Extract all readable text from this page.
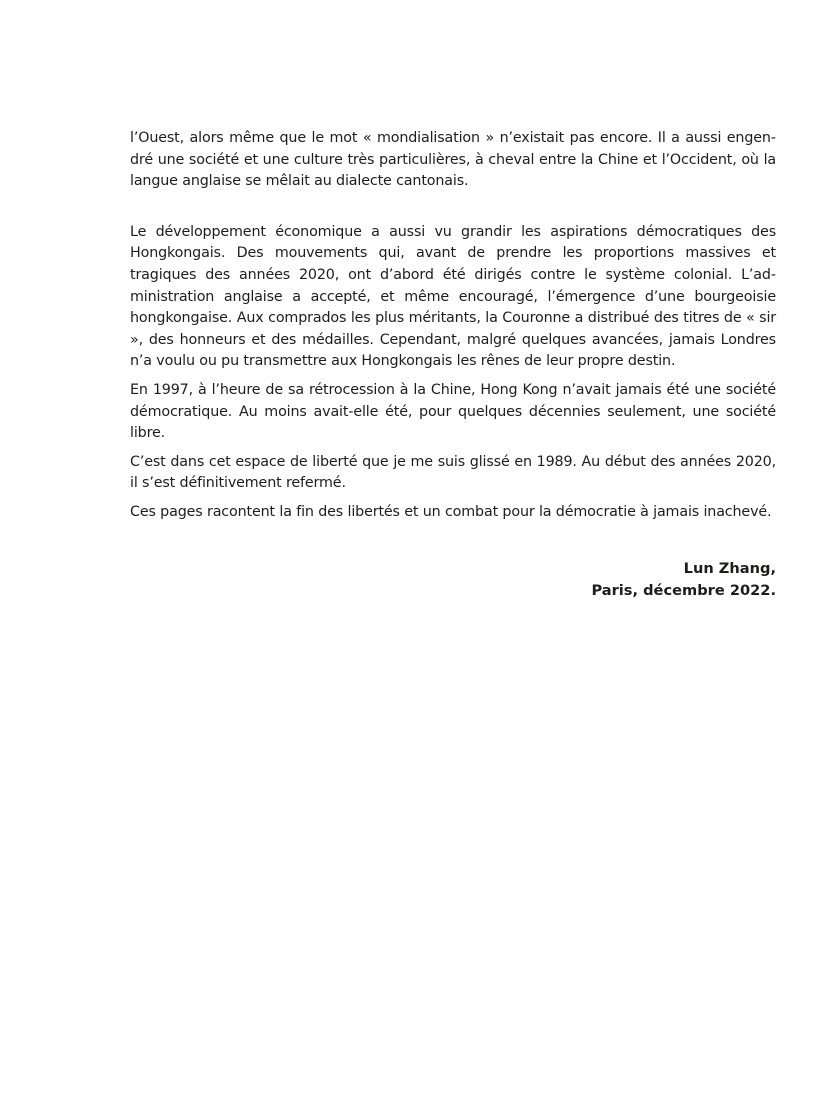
l’Ouest, alors même que le mot « mondialisation » n’existait pas encore. Il a aussi engendré une société et une culture très particulières, à cheval entre la Chine et l’Occident, où la langue anglaise se mêlait au dialecte cantonais.

Le développement économique a aussi vu grandir les aspirations démocratiques des Hongkongais. Des mouvements qui, avant de prendre les proportions massives et tragiques des années 2020, ont d’abord été dirigés contre le système colonial. L’administration anglaise a accepté, et même encouragé, l’émergence d’une bourgeoisie hongkongaise. Aux comprados les plus méritants, la Couronne a distribué des titres de « sir », des honneurs et des médailles. Cependant, malgré quelques avancées, jamais Londres n’a voulu ou pu transmettre aux Hongkongais les rênes de leur propre destin.

En 1997, à l’heure de sa rétrocession à la Chine, Hong Kong n’avait jamais été une société démocratique. Au moins avait-elle été, pour quelques décennies seulement, une société libre.

C’est dans cet espace de liberté que je me suis glissé en 1989. Au début des années 2020, il s’est définitivement refermé.

Ces pages racontent la fin des libertés et un combat pour la démocratie à jamais inachevé.

Lun Zhang,
Paris, décembre 2022.
